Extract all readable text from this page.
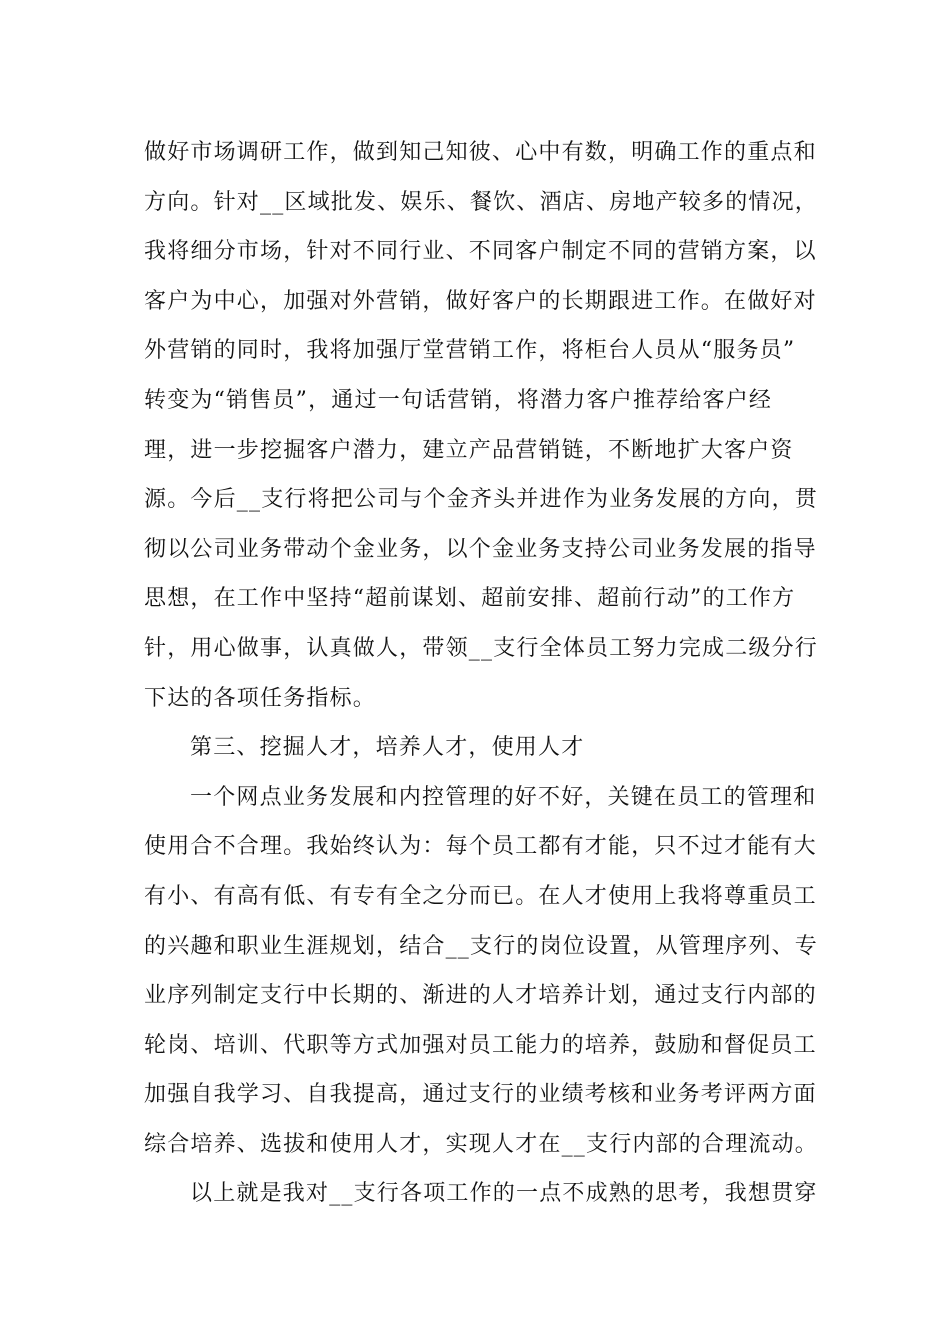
做好市场调研工作，做到知己知彼、心中有数，明确工作的重点和
方向。针对__区域批发、娱乐、餐饮、酒店、房地产较多的情况，
我将细分市场，针对不同行业、不同客户制定不同的营销方案，以
客户为中心，加强对外营销，做好客户的长期跟进工作。在做好对
外营销的同时，我将加强厅堂营销工作，将柜台人员从“服务员”
转变为“销售员”，通过一句话营销，将潜力客户推荐给客户经
理，进一步挖掘客户潜力，建立产品营销链，不断地扩大客户资
源。今后__支行将把公司与个金齐头并进作为业务发展的方向，贯
彻以公司业务带动个金业务，以个金业务支持公司业务发展的指导
思想，在工作中坚持“超前谋划、超前安排、超前行动”的工作方
针，用心做事，认真做人，带领__支行全体员工努力完成二级分行
下达的各项任务指标。
第三、挖掘人才，培养人才，使用人才
一个网点业务发展和内控管理的好不好，关键在员工的管理和
使用合不合理。我始终认为：每个员工都有才能，只不过才能有大
有小、有高有低、有专有全之分而已。在人才使用上我将尊重员工
的兴趣和职业生涯规划，结合__支行的岗位设置，从管理序列、专
业序列制定支行中长期的、渐进的人才培养计划，通过支行内部的
轮岗、培训、代职等方式加强对员工能力的培养，鼓励和督促员工
加强自我学习、自我提高，通过支行的业绩考核和业务考评两方面
综合培养、选拔和使用人才，实现人才在__支行内部的合理流动。
以上就是我对__支行各项工作的一点不成熟的思考，我想贯穿
